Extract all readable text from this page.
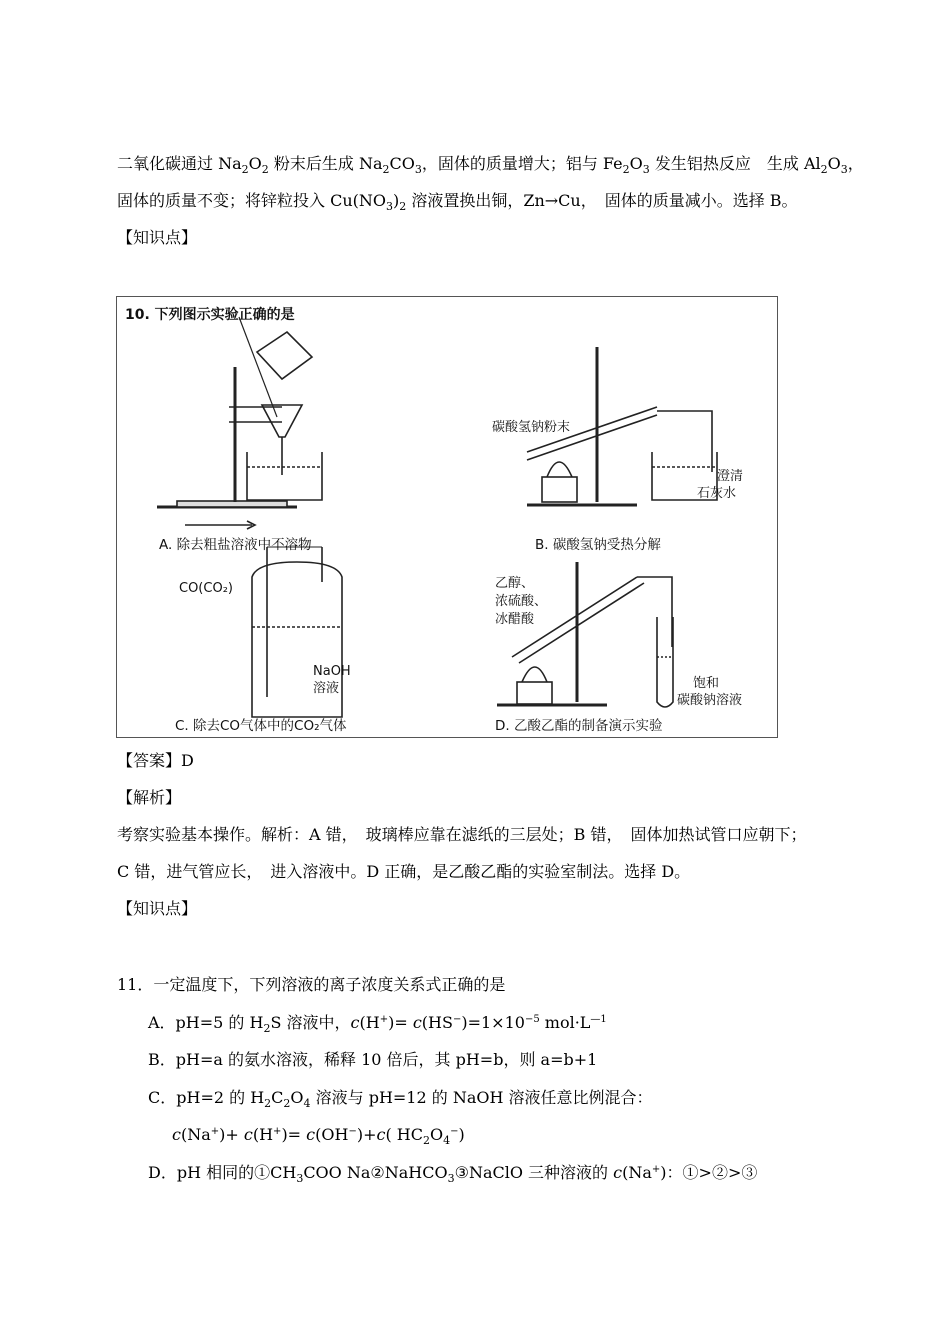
二氧化碳通过 $Na_2O_2$ 粉末后生成 $Na_2CO_3$，固体的质量增大；铝与 $Fe_2O_3$ 发生铝热反应　生成 $Al_2O_3$，
固体的质量不变；将锌粒投入 $Cu(NO_3)_2$ 溶液置换出铜，Zn→Cu，　固体的质量减小。选择 B。
【知识点】
10. 下列图示实验正确的是
A. 除去粗盐溶液中不溶物
碳酸氢钠粉末
澄清
石灰水
B. 碳酸氢钠受热分解
CO(CO₂)
NaOH
溶液
C. 除去CO气体中的CO₂气体
乙醇、
浓硫酸、
冰醋酸
饱和
碳酸钠溶液
D. 乙酸乙酯的制备演示实验
【答案】D
【解析】
考察实验基本操作。解析：A 错，　玻璃棒应靠在滤纸的三层处；B 错，　固体加热试管口应朝下；
C 错，进气管应长，　进入溶液中。D 正确，是乙酸乙酯的实验室制法。选择 D。
【知识点】
11．一定温度下，下列溶液的离子浓度关系式正确的是
A．pH=5 的 $H_2S$ 溶液中，$c(H^+)= c(HS^-)=1\times 10^{-5}$ $mol\cdot L^{—1}$
B．pH=a 的氨水溶液，稀释 10 倍后，其 pH=b，则 a=b+1
C．pH=2 的 $H_2C_2O_4$ 溶液与 pH=12 的 NaOH 溶液任意比例混合：
c(Na+)+ c(H+)= c(OH−)+c( $HC_2O_4^-$)
D．pH 相同的$①CH_3COO$ Na②NaHCO$_3$③NaClO 三种溶液的 c(Na+)：①>②>③
